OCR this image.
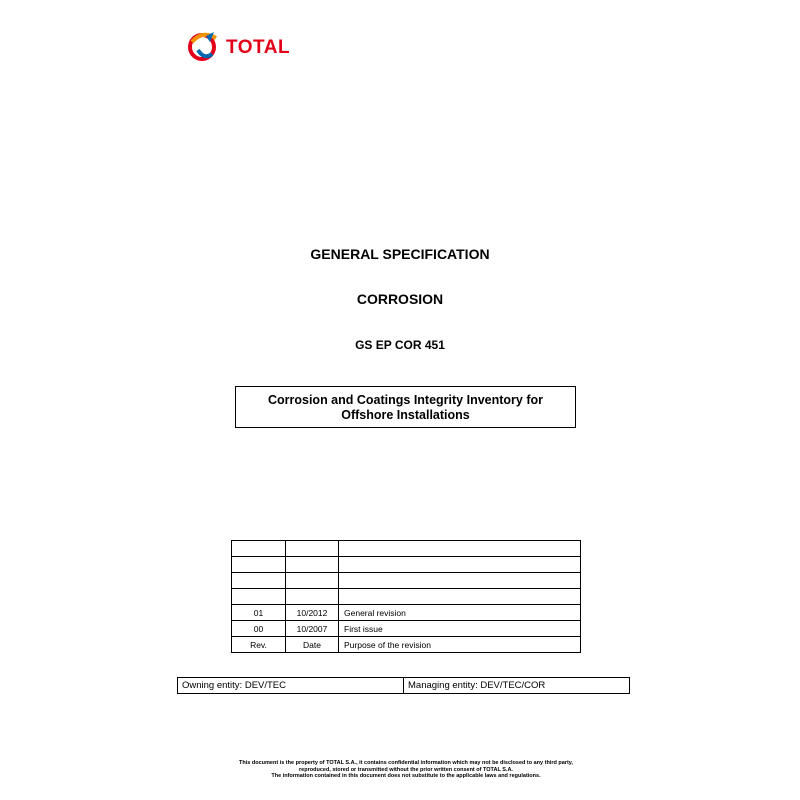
TOTAL
GENERAL SPECIFICATION
CORROSION
GS EP COR 451
Corrosion and Coatings Integrity Inventory for
Offshore Installations

01	10/2012	General revision
00	10/2007	First issue
Rev.	Date	Purpose of the revision
Owning entity: DEV/TEC	Managing entity: DEV/TEC/COR
This document is the property of TOTAL S.A., it contains confidential information which may not be disclosed to any third party,
reproduced, stored or transmitted without the prior written consent of TOTAL S.A.
The information contained in this document does not substitute to the applicable laws and regulations.
